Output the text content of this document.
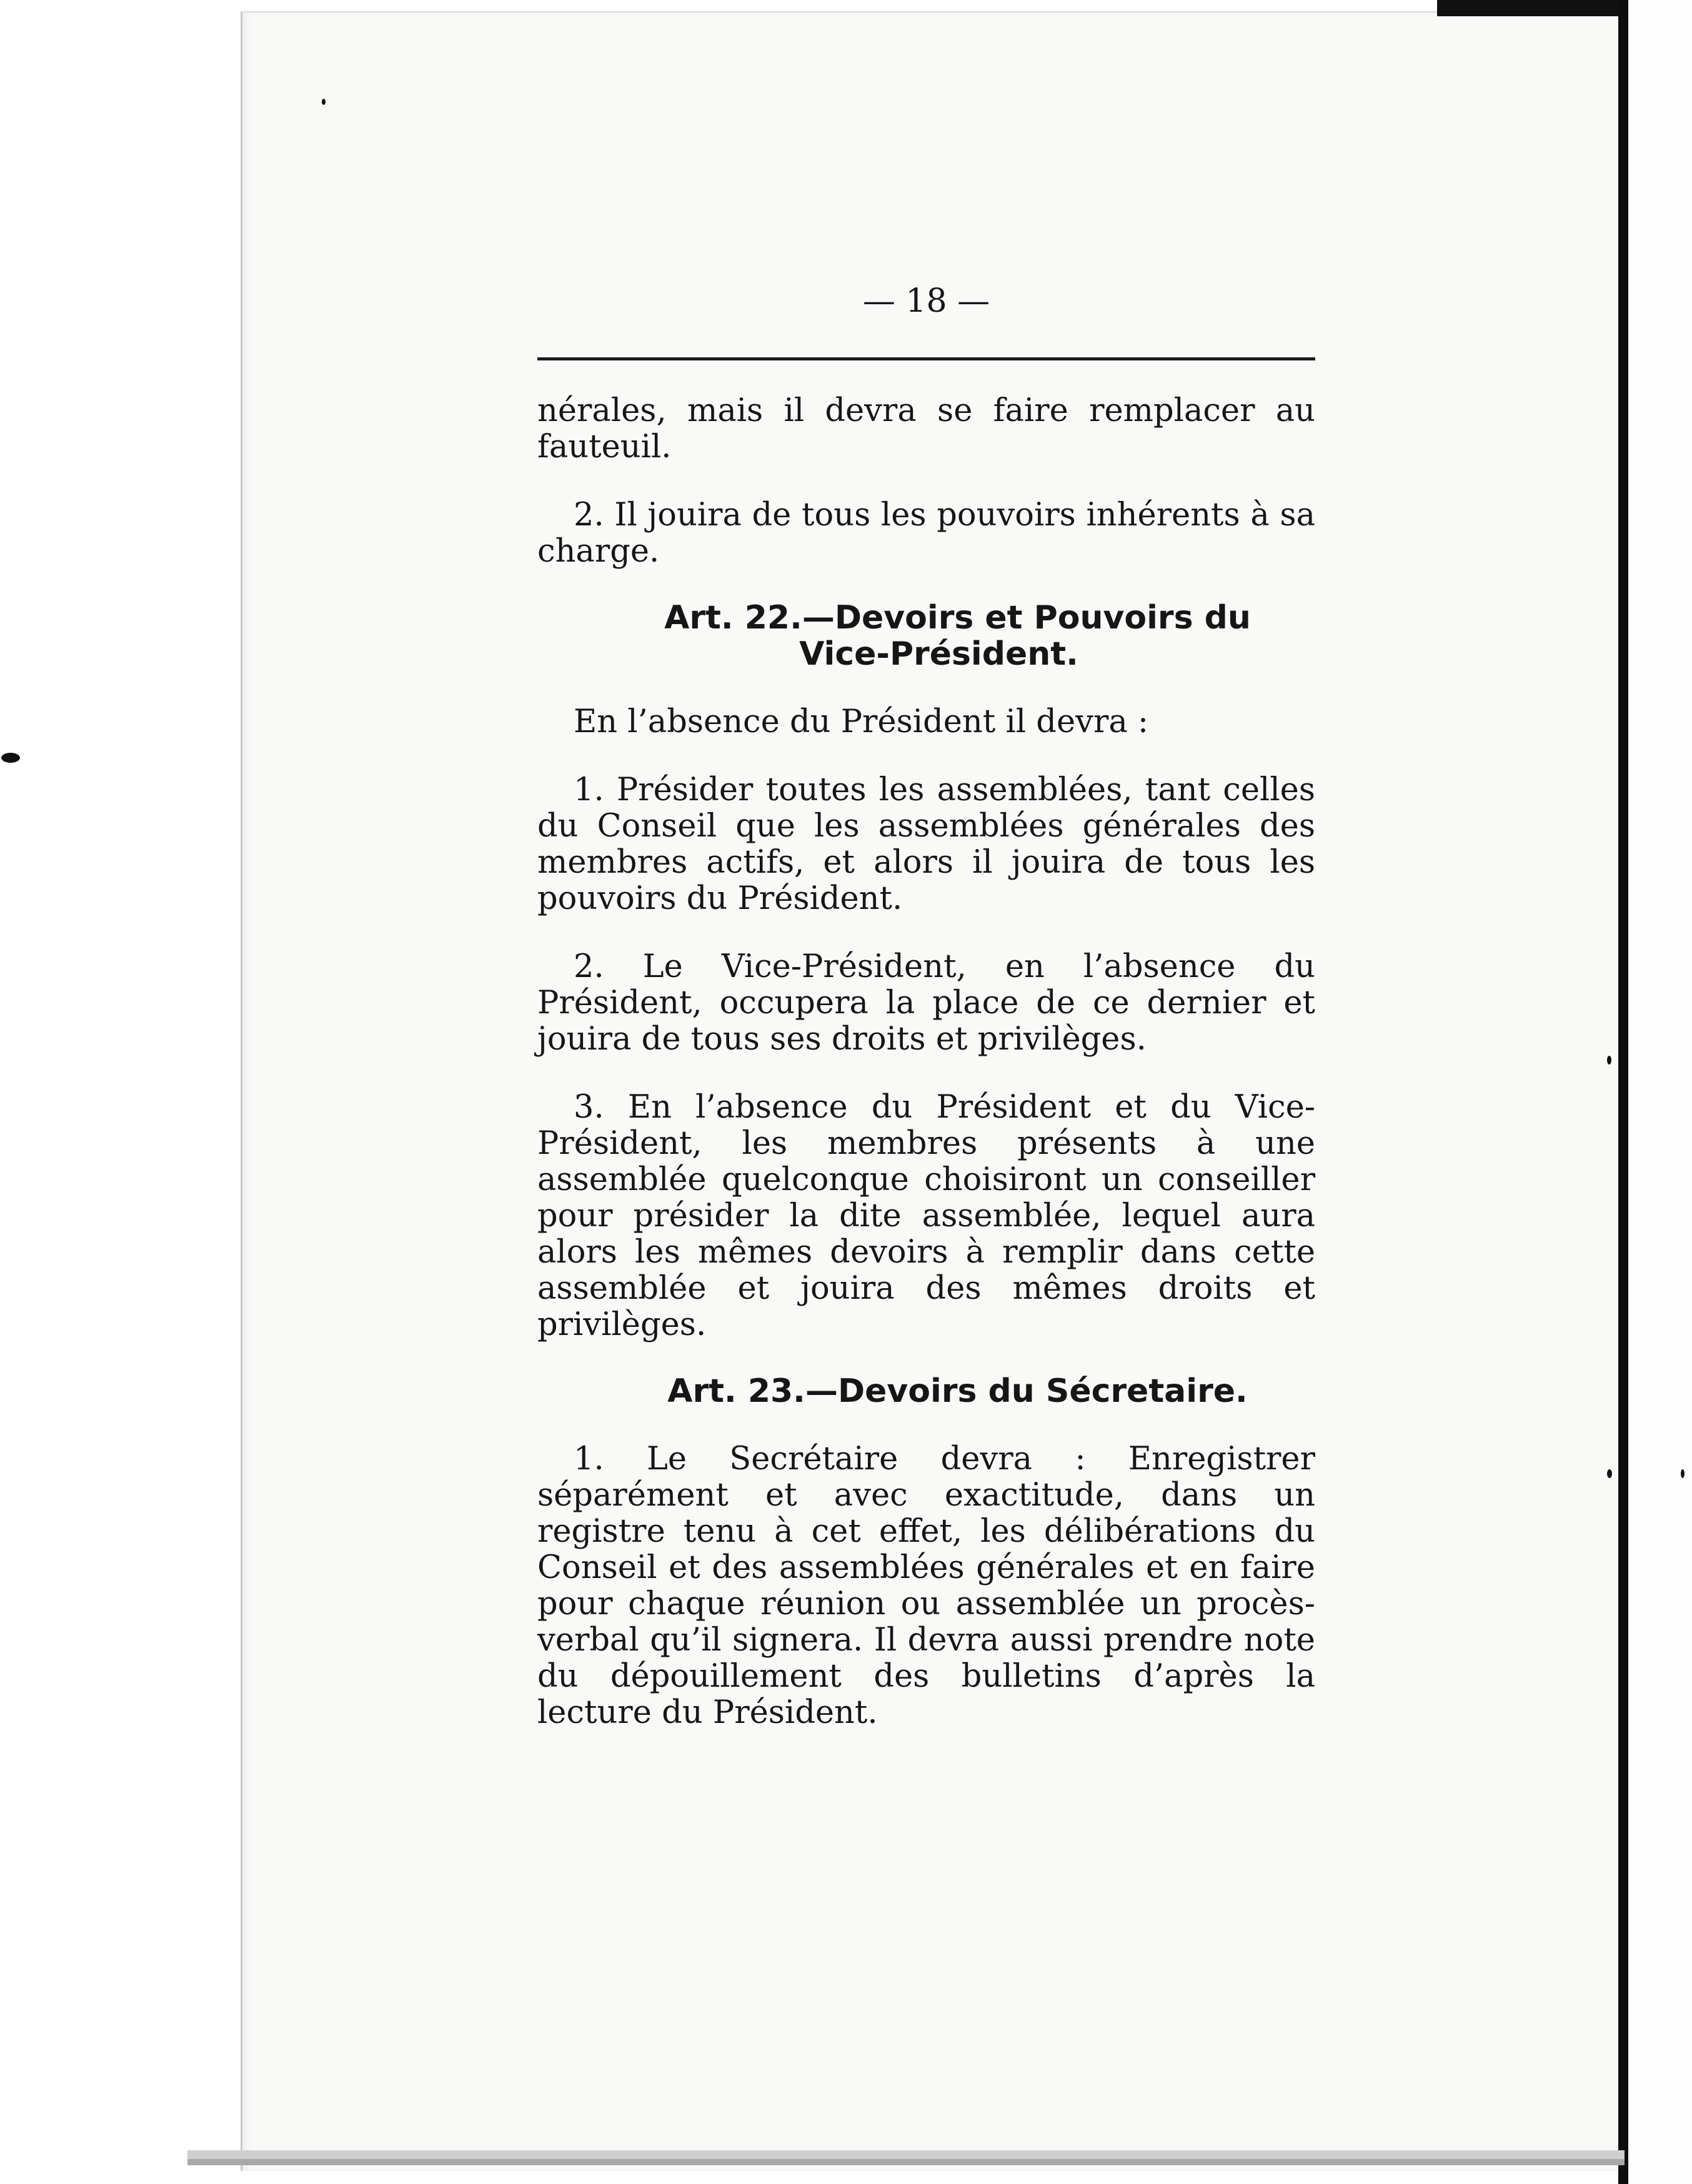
— 18 —

nérales, mais il devra se faire remplacer au fauteuil.

2. Il jouira de tous les pouvoirs inhérents à sa charge.

Art. 22.—Devoirs et Pouvoirs du
Vice-Président.

En l’absence du Président il devra :

1. Présider toutes les assemblées, tant celles du Conseil que les assemblées générales des membres actifs, et alors il jouira de tous les pouvoirs du Président.

2. Le Vice-Président, en l’absence du Président, occupera la place de ce dernier et jouira de tous ses droits et privilèges.

3. En l’absence du Président et du Vice-Président, les membres présents à une assemblée quelconque choisiront un conseiller pour présider la dite assemblée, lequel aura alors les mêmes devoirs à remplir dans cette assemblée et jouira des mêmes droits et privilèges.

Art. 23.—Devoirs du Sécretaire.

1. Le Secrétaire devra : Enregistrer séparément et avec exactitude, dans un registre tenu à cet effet, les délibérations du Conseil et des assemblées générales et en faire pour chaque réunion ou assemblée un procès-verbal qu’il signera. Il devra aussi prendre note du dépouillement des bulletins d’après la lecture du Président.
